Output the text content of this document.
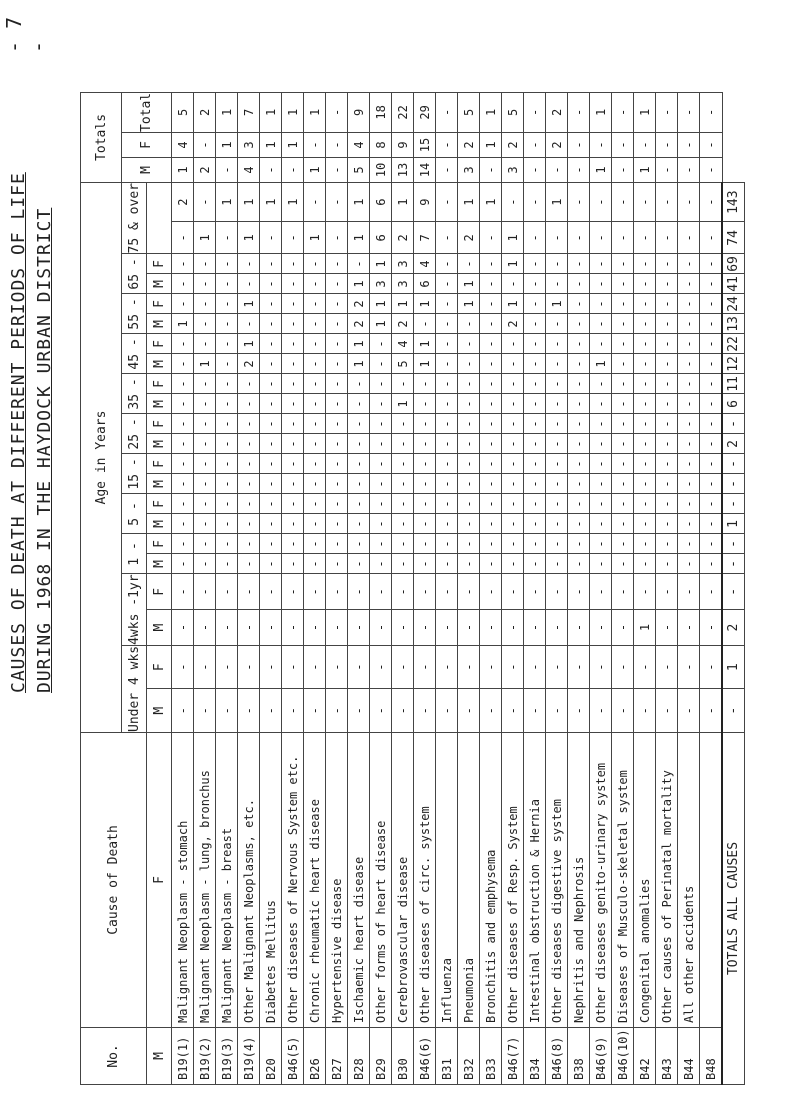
- 7 -
CAUSES OF DEATH AT DIFFERENT PERIODS OF LIFE DURING 1968 IN THE HAYDOCK URBAN DISTRICT
No.	Cause of Death	Age in Years																						Totals		
		Under 4 wks		4wks -1yr		1 -		5 -		15 -		25 -		35 -		45 -		55 -		65 -		75 & over		M	F	Total
M	F	M	F	M	F	M	F	M	F	M	F	M	F	M	F	M	F	M	F	M	F					
B19(1)	Malignant Neoplasm - stomach	-	-	-	-	-	-	-	-	-	-	-	-	-	-	-	-	1	-	-	-	-	2	1	4	5
B19(2)	Malignant Neoplasm - lung, bronchus	-	-	-	-	-	-	-	-	-	-	-	-	-	-	1	-	-	-	-	-	1	-	2	-	2
B19(3)	Malignant Neoplasm - breast	-	-	-	-	-	-	-	-	-	-	-	-	-	-	-	-	-	-	-	-	-	1	-	1	1
B19(4)	Other Malignant Neoplasms, etc.	-	-	-	-	-	-	-	-	-	-	-	-	-	-	2	1	-	1	-	-	1	1	4	3	7
B20	Diabetes Mellitus	-	-	-	-	-	-	-	-	-	-	-	-	-	-	-	-	-	-	-	-	-	1	-	1	1
B46(5)	Other diseases of Nervous System etc.	-	-	-	-	-	-	-	-	-	-	-	-	-	-	-	-	-	-	-	-	-	1	-	1	1
B26	Chronic rheumatic heart disease	-	-	-	-	-	-	-	-	-	-	-	-	-	-	-	-	-	-	-	-	1	-	1	-	1
B27	Hypertensive disease	-	-	-	-	-	-	-	-	-	-	-	-	-	-	-	-	-	-	-	-	-	-	-	-	-
B28	Ischaemic heart disease	-	-	-	-	-	-	-	-	-	-	-	-	-	-	1	1	2	2	1	-	1	1	5	4	9
B29	Other forms of heart disease	-	-	-	-	-	-	-	-	-	-	-	-	-	-	-	-	1	1	3	1	6	6	10	8	18
B30	Cerebrovascular disease	-	-	-	-	-	-	-	-	-	-	-	-	1	-	5	4	2	1	3	3	2	1	13	9	22
B46(6)	Other diseases of circ. system	-	-	-	-	-	-	-	-	-	-	-	-	-	-	1	1	-	1	6	4	7	9	14	15	29
B31	Influenza	-	-	-	-	-	-	-	-	-	-	-	-	-	-	-	-	-	-	-	-	-	-	-	-	-
B32	Pneumonia	-	-	-	-	-	-	-	-	-	-	-	-	-	-	-	-	-	1	1	-	2	1	3	2	5
B33	Bronchitis and emphysema	-	-	-	-	-	-	-	-	-	-	-	-	-	-	-	-	-	-	-	-	-	1	-	1	1
B46(7)	Other diseases of Resp. System	-	-	-	-	-	-	-	-	-	-	-	-	-	-	-	-	2	1	-	1	1	-	3	2	5
B34	Intestinal obstruction & Hernia	-	-	-	-	-	-	-	-	-	-	-	-	-	-	-	-	-	-	-	-	-	-	-	-	-
B46(8)	Other diseases digestive system	-	-	-	-	-	-	-	-	-	-	-	-	-	-	-	-	-	1	-	-	-	1	-	2	2
B38	Nephritis and Nephrosis	-	-	-	-	-	-	-	-	-	-	-	-	-	-	-	-	-	-	-	-	-	-	-	-	-
B46(9)	Other diseases genito-urinary system	-	-	-	-	-	-	-	-	-	-	-	-	-	-	1	-	-	-	-	-	-	-	1	-	1
B46(10)	Diseases of Musculo-skeletal system	-	-	-	-	-	-	-	-	-	-	-	-	-	-	-	-	-	-	-	-	-	-	-	-	-
B42	Congenital anomalies	-	-	1	-	-	-	-	-	-	-	-	-	-	-	-	-	-	-	-	-	-	-	1	-	1
B43	Other causes of Perinatal mortality	-	-	-	-	-	-	-	-	-	-	-	-	-	-	-	-	-	-	-	-	-	-	-	-	-
B44	All other accidents	-	-	-	-	-	-	-	-	-	-	-	-	-	-	-	-	-	-	-	-	-	-	-	-	-
B48		-	-	-	-	-	-	-	-	-	-	-	-	-	-	-	-	-	-	-	-	-	-	-	-	-
TOTALS ALL CAUSES		-	1	2	-	-	-	1	-	-	-	2	-	6	11	12	22	13	24	41	69	74	143			
